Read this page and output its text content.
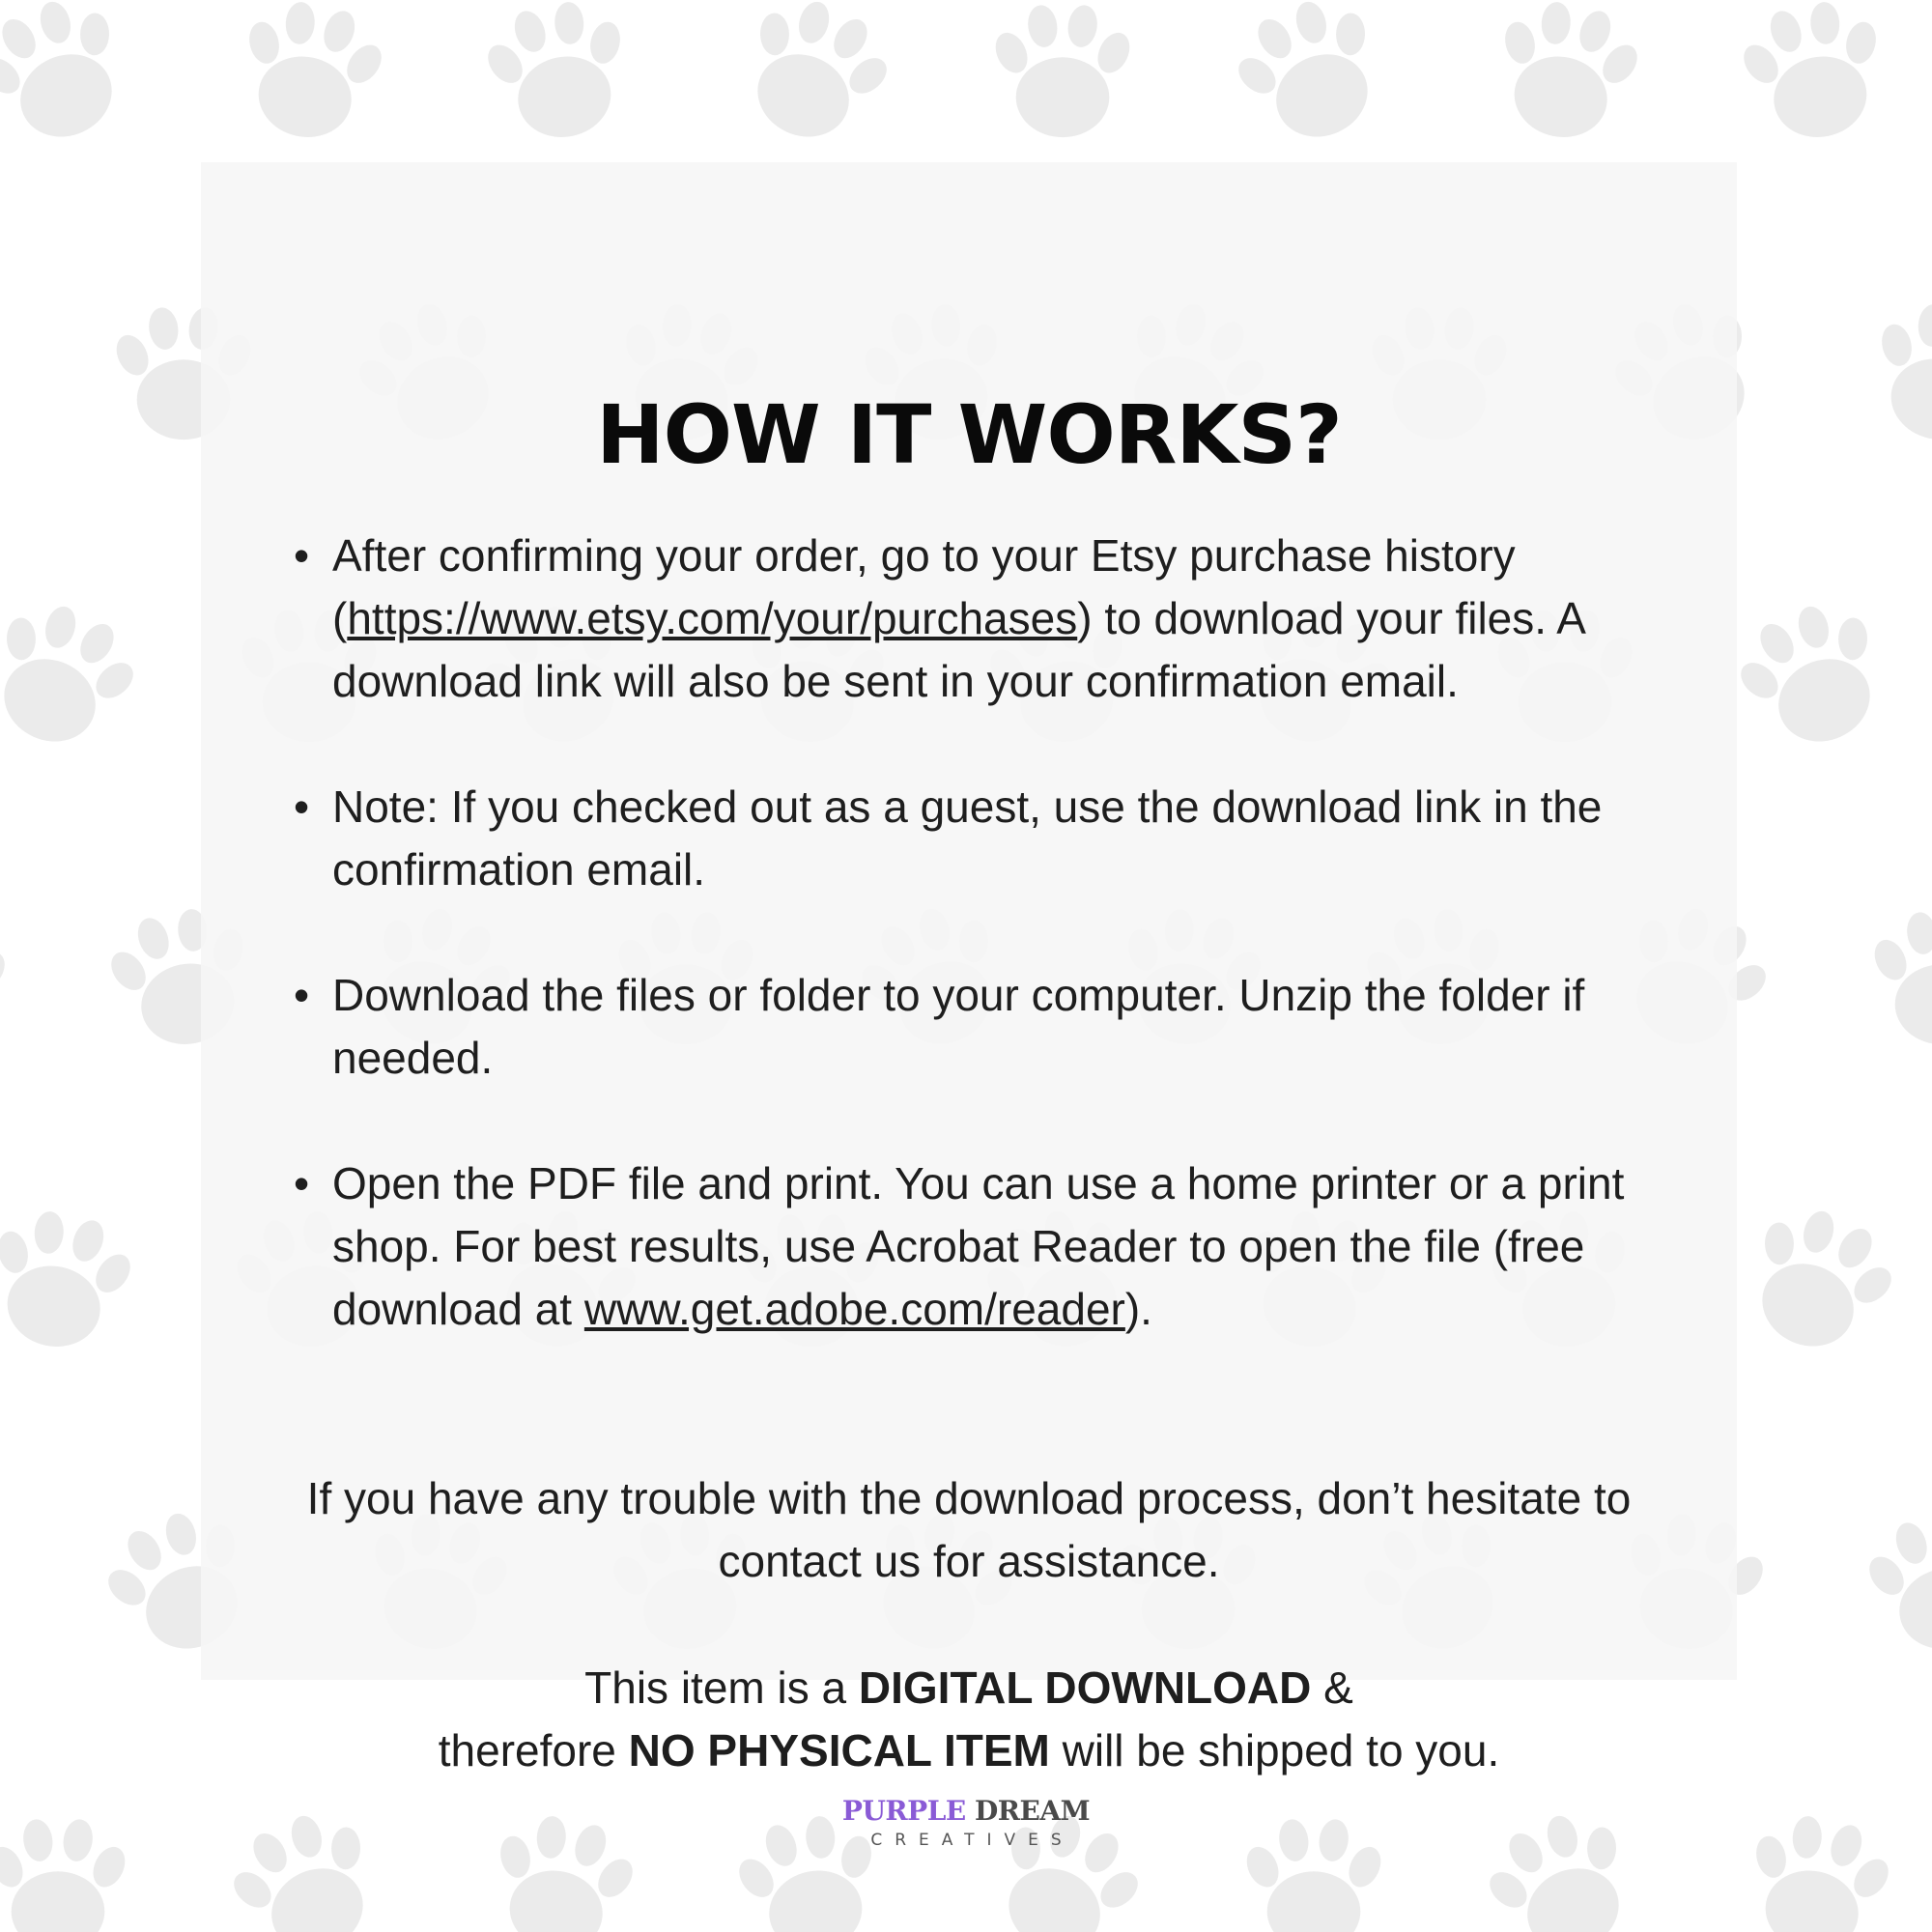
HOW IT WORKS?
• After confirming your order, go to your Etsy purchase history (https://www.etsy.com/your/purchases) to download your files. A download link will also be sent in your confirmation email.
• Note: If you checked out as a guest, use the download link in the confirmation email.
• Download the files or folder to your computer. Unzip the folder if needed.
• Open the PDF file and print. You can use a home printer or a print shop. For best results, use Acrobat Reader to open the file (free download at www.get.adobe.com/reader).

If you have any trouble with the download process, don’t hesitate to contact us for assistance.

This item is a DIGITAL DOWNLOAD &
therefore NO PHYSICAL ITEM will be shipped to you.

PURPLE DREAM
CREATIVES
